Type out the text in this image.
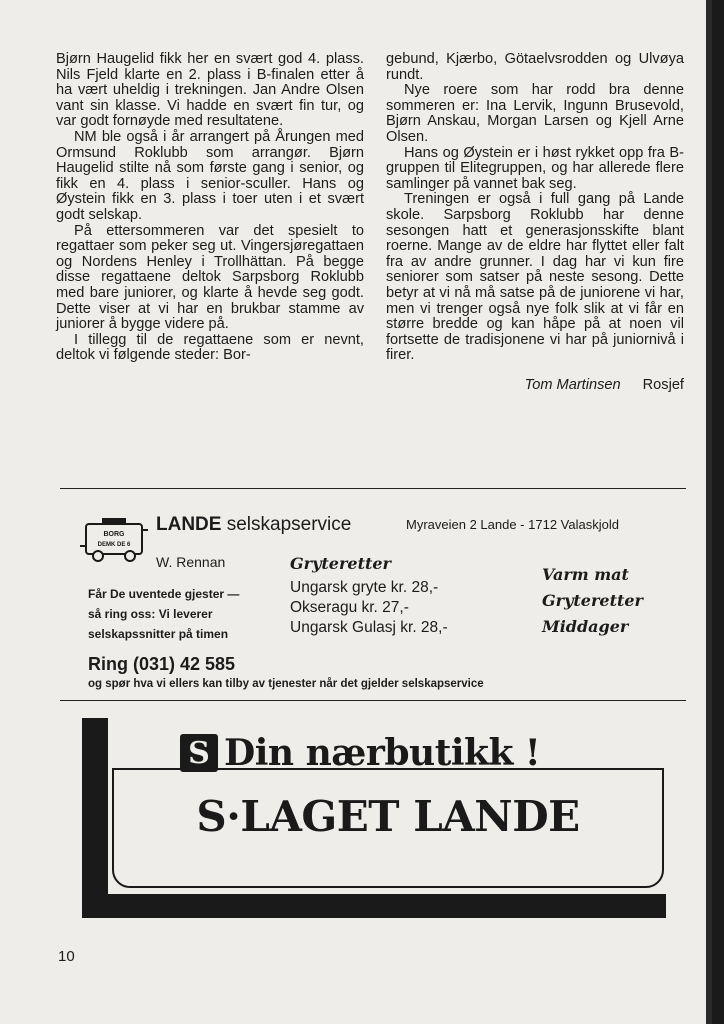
Bjørn Haugelid fikk her en svært god 4. plass. Nils Fjeld klarte en 2. plass i B-finalen etter å ha vært uheldig i trekningen. Jan Andre Olsen vant sin klasse. Vi hadde en svært fin tur, og var godt fornøyde med resultatene.

NM ble også i år arrangert på Årungen med Ormsund Roklubb som arrangør. Bjørn Haugelid stilte nå som første gang i senior, og fikk en 4. plass i senior-sculler. Hans og Øystein fikk en 3. plass i toer uten i et svært godt selskap.

På ettersommeren var det spesielt to regattaer som peker seg ut. Vingersjøregattaen og Nordens Henley i Trollhättan. På begge disse regattaene deltok Sarpsborg Roklubb med bare juniorer, og klarte å hevde seg godt. Dette viser at vi har en brukbar stamme av juniorer å bygge videre på.

I tillegg til de regattaene som er nevnt, deltok vi følgende steder: Bor-

gebund, Kjærbo, Götaelvsrodden og Ulvøya rundt.

Nye roere som har rodd bra denne sommeren er: Ina Lervik, Ingunn Brusevold, Bjørn Anskau, Morgan Larsen og Kjell Arne Olsen.

Hans og Øystein er i høst rykket opp fra B-gruppen til Elitegruppen, og har allerede flere samlinger på vannet bak seg.

Treningen er også i full gang på Lande skole. Sarpsborg Roklubb har denne sesongen hatt et generasjonsskifte blant roerne. Mange av de eldre har flyttet eller falt fra av andre grunner. I dag har vi kun fire seniorer som satser på neste sesong. Dette betyr at vi nå må satse på de juniorene vi har, men vi trenger også nye folk slik at vi får en større bredde og kan håpe på at noen vil fortsette de tradisjonene vi har på juniornivå i firer.

Tom Martinsen Rosjef
BORG
DEMK DE 6
LANDE selskapservice	Myraveien 2 Lande - 1712 Valaskjold
W. Rennan	Gryteretter
Får De uventede gjester —
så ring oss: Vi leverer
selskapssnitter på timen
Ungarsk gryte kr. 28,-
Okseragu kr. 27,-
Ungarsk Gulasj kr. 28,-
Varm mat
Gryteretter
Middager
Ring (031) 42 585
og spør hva vi ellers kan tilby av tjenester når det gjelder selskapservice
S Din nærbutikk !
S·LAGET LANDE
10
